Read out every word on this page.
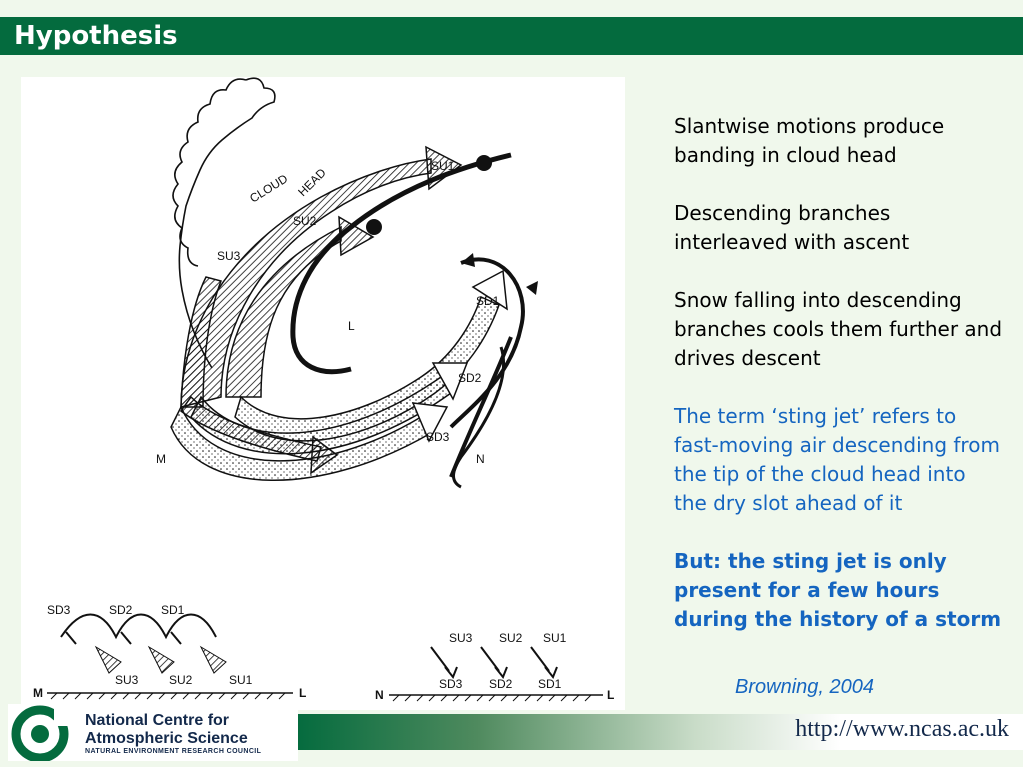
Hypothesis
CLOUD HEAD	SU1
SU2
SU3
SD1
SD2
SD3
L
M	N
SD3	SD2 SD1
SU3	SU2	SU1
M	L
SU3 SU2 SU1
SD3 SD2 SD1
N	L

Slantwise motions produce banding in cloud head

Descending branches interleaved with ascent

Snow falling into descending branches cools them further and drives descent

The term ‘sting jet’ refers to fast-moving air descending from the tip of the cloud head into the dry slot ahead of it

But: the sting jet is only present for a few hours during the history of a storm

Browning, 2004
http://www.ncas.ac.uk
National Centre for
Atmospheric Science
NATURAL ENVIRONMENT RESEARCH COUNCIL
